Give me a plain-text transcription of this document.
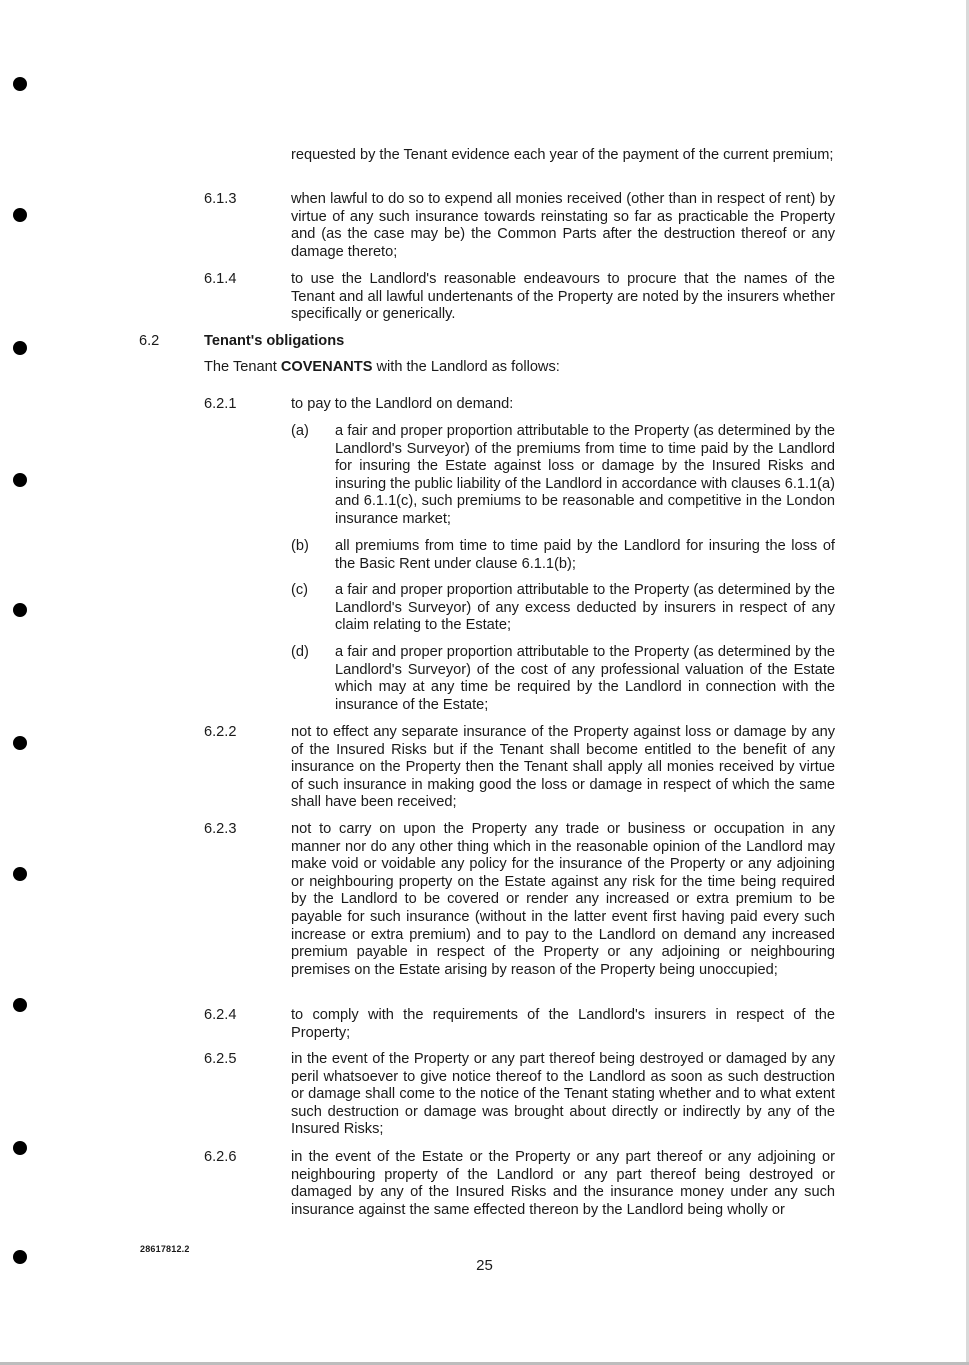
requested by the Tenant evidence each year of the payment of the current premium;
6.1.3	when lawful to do so to expend all monies received (other than in respect of rent) by virtue of any such insurance towards reinstating so far as practicable the Property and (as the case may be) the Common Parts after the destruction thereof or any damage thereto;
6.1.4	to use the Landlord's reasonable endeavours to procure that the names of the Tenant and all lawful undertenants of the Property are noted by the insurers whether specifically or generically.
6.2	Tenant's obligations
The Tenant COVENANTS with the Landlord as follows:
6.2.1	to pay to the Landlord on demand:
(a) a fair and proper proportion attributable to the Property (as determined by the Landlord's Surveyor) of the premiums from time to time paid by the Landlord for insuring the Estate against loss or damage by the Insured Risks and insuring the public liability of the Landlord in accordance with clauses 6.1.1(a) and 6.1.1(c), such premiums to be reasonable and competitive in the London insurance market;
(b) all premiums from time to time paid by the Landlord for insuring the loss of the Basic Rent under clause 6.1.1(b);
(c) a fair and proper proportion attributable to the Property (as determined by the Landlord's Surveyor) of any excess deducted by insurers in respect of any claim relating to the Estate;
(d) a fair and proper proportion attributable to the Property (as determined by the Landlord's Surveyor) of the cost of any professional valuation of the Estate which may at any time be required by the Landlord in connection with the insurance of the Estate;
6.2.2	not to effect any separate insurance of the Property against loss or damage by any of the Insured Risks but if the Tenant shall become entitled to the benefit of any insurance on the Property then the Tenant shall apply all monies received by virtue of such insurance in making good the loss or damage in respect of which the same shall have been received;
6.2.3	not to carry on upon the Property any trade or business or occupation in any manner nor do any other thing which in the reasonable opinion of the Landlord may make void or voidable any policy for the insurance of the Property or any adjoining or neighbouring property on the Estate against any risk for the time being required by the Landlord to be covered or render any increased or extra premium to be payable for such insurance (without in the latter event first having paid every such increase or extra premium) and to pay to the Landlord on demand any increased premium payable in respect of the Property or any adjoining or neighbouring premises on the Estate arising by reason of the Property being unoccupied;
6.2.4	to comply with the requirements of the Landlord's insurers in respect of the Property;
6.2.5	in the event of the Property or any part thereof being destroyed or damaged by any peril whatsoever to give notice thereof to the Landlord as soon as such destruction or damage shall come to the notice of the Tenant stating whether and to what extent such destruction or damage was brought about directly or indirectly by any of the Insured Risks;
6.2.6	in the event of the Estate or the Property or any part thereof or any adjoining or neighbouring property of the Landlord or any part thereof being destroyed or damaged by any of the Insured Risks and the insurance money under any such insurance against the same effected thereon by the Landlord being wholly or
28617812.2
25
